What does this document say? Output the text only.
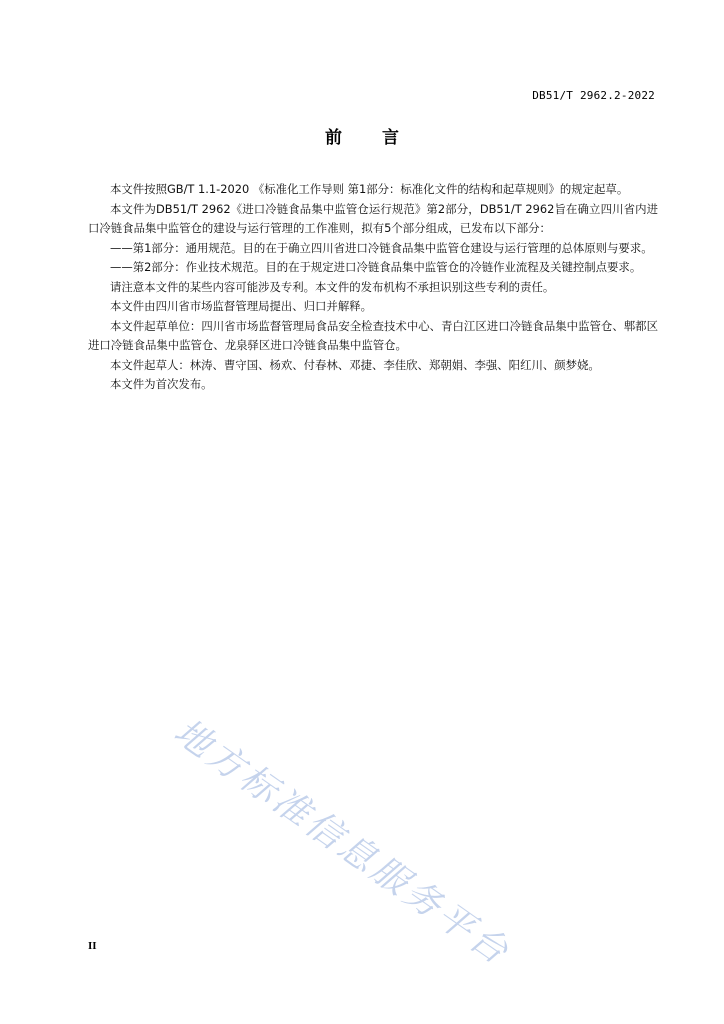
DB51/T 2962.2-2022
前言

本文件按照GB/T 1.1-2020 《标准化工作导则 第1部分：标准化文件的结构和起草规则》的规定起草。

本文件为DB51/T 2962《进口冷链食品集中监管仓运行规范》第2部分，DB51/T 2962旨在确立四川省内进口冷链食品集中监管仓的建设与运行管理的工作准则，拟有5个部分组成，已发布以下部分：

——第1部分：通用规范。目的在于确立四川省进口冷链食品集中监管仓建设与运行管理的总体原则与要求。

——第2部分：作业技术规范。目的在于规定进口冷链食品集中监管仓的冷链作业流程及关键控制点要求。

请注意本文件的某些内容可能涉及专利。本文件的发布机构不承担识别这些专利的责任。

本文件由四川省市场监督管理局提出、归口并解释。

本文件起草单位：四川省市场监督管理局食品安全检查技术中心、青白江区进口冷链食品集中监管仓、郫都区进口冷链食品集中监管仓、龙泉驿区进口冷链食品集中监管仓。

本文件起草人：林涛、曹守国、杨欢、付春林、邓捷、李佳欣、郑朝娟、李强、阳红川、颜梦娆。

本文件为首次发布。

地方标准信息服务平台
II
